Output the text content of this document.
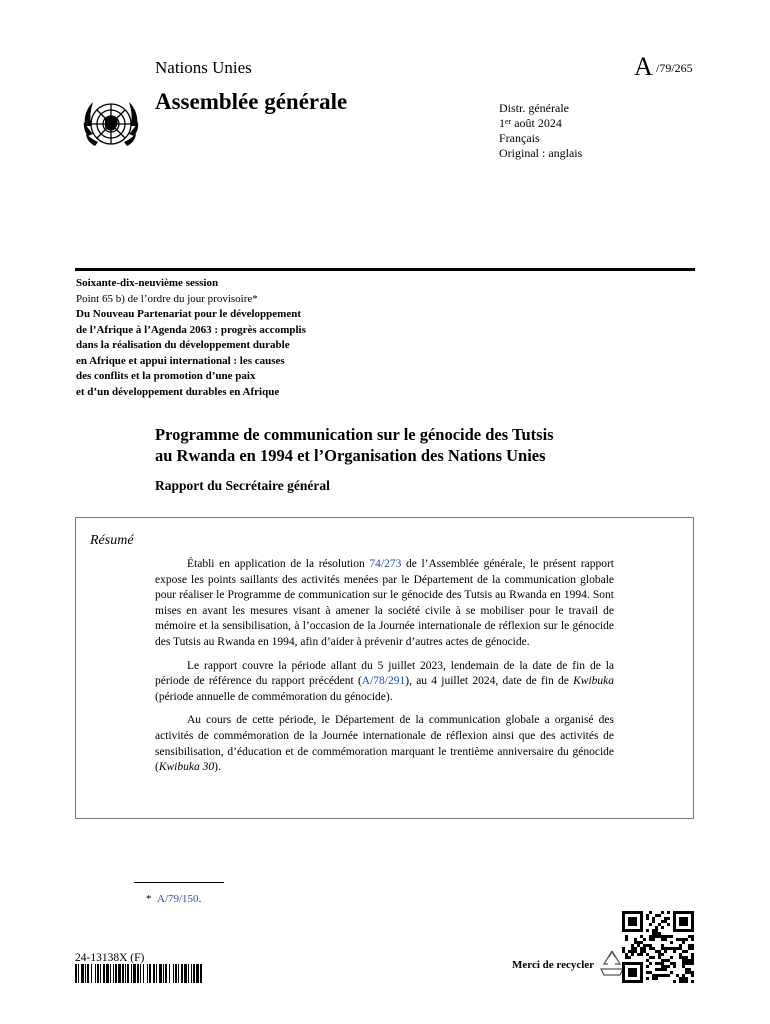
Nations Unies	A /79/265
Assemblée générale	Distr. générale
1er août 2024
Français
Original : anglais
Soixante-dix-neuvième session
Point 65 b) de l’ordre du jour provisoire*
Du Nouveau Partenariat pour le développement
de l’Afrique à l’Agenda 2063 : progrès accomplis
dans la réalisation du développement durable
en Afrique et appui international : les causes
des conflits et la promotion d’une paix
et d’un développement durables en Afrique
Programme de communication sur le génocide des Tutsis
au Rwanda en 1994 et l’Organisation des Nations Unies
Rapport du Secrétaire général
Résumé

Établi en application de la résolution 74/273 de l’Assemblée générale, le présent rapport expose les points saillants des activités menées par le Département de la communication globale pour réaliser le Programme de communication sur le génocide des Tutsis au Rwanda en 1994. Sont mises en avant les mesures visant à amener la société civile à se mobiliser pour le travail de mémoire et la sensibilisation, à l’occasion de la Journée internationale de réflexion sur le génocide des Tutsis au Rwanda en 1994, afin d’aider à prévenir d’autres actes de génocide.

Le rapport couvre la période allant du 5 juillet 2023, lendemain de la date de fin de la période de référence du rapport précédent (A/78/291), au 4 juillet 2024, date de fin de Kwibuka (période annuelle de commémoration du génocide).

Au cours de cette période, le Département de la communication globale a organisé des activités de commémoration de la Journée internationale de réflexion ainsi que des activités de sensibilisation, d’éducation et de commémoration marquant le trentième anniversaire du génocide (Kwibuka 30).

* A/79/150.
24-13138X (F)
Merci de recycler
